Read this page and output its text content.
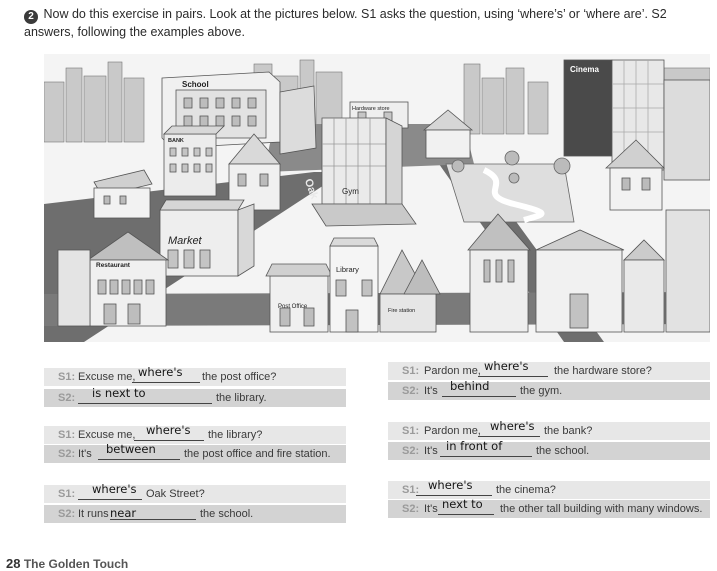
2 Now do this exercise in pairs. Look at the pictures below. S1 asks the question, using ‘where’s’ or ‘where are’. S2 answers, following the examples above.
School
Cinema
Hardware store
BANK
Gym
Oak
Market
Restaurant	Library
Post Office
Fire station
S1: Excuse me, where's the post office?
S2: is next to	the library.
S1: Excuse me, where's the library?
S2: It's between	the post office and fire station.
S1: where's Oak Street?
S2: It runs near	the school.
S1: Pardon me, where's the hardware store?
S2: It's behind	the gym.
S1: Pardon me, where's the bank?
S2: It's in front of	the school.
S1: where's the cinema?
S2: It's next to the other tall building with many windows.
28 The Golden Touch
